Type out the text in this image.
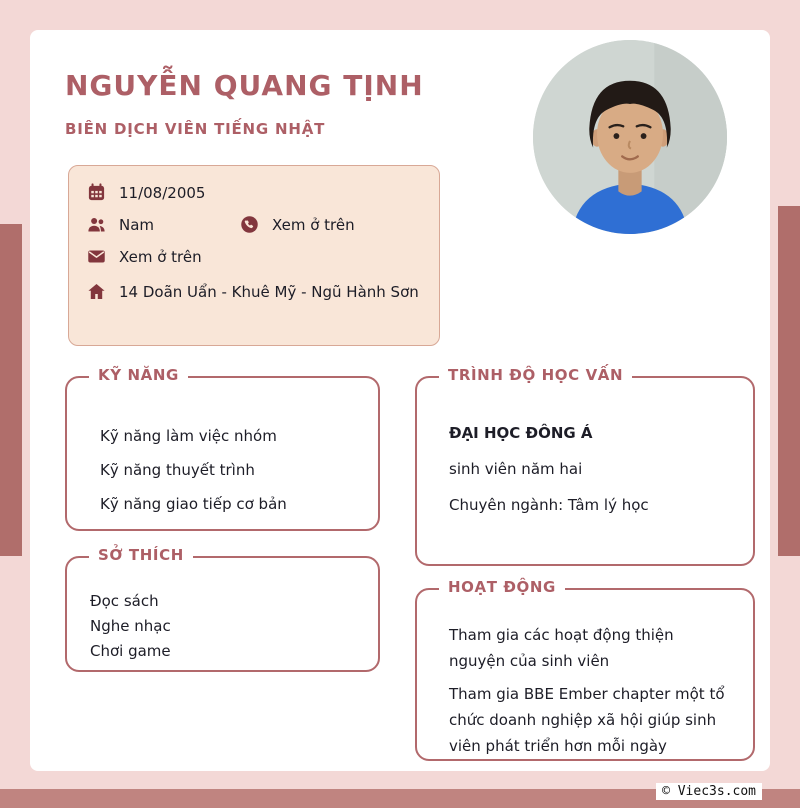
NGUYỄN QUANG TỊNH
BIÊN DỊCH VIÊN TIẾNG NHẬT
11/08/2005
Nam	Xem ở trên
Xem ở trên
14 Doãn Uẩn - Khuê Mỹ - Ngũ Hành Sơn
KỸ NĂNG
Kỹ năng làm việc nhóm
Kỹ năng thuyết trình
Kỹ năng giao tiếp cơ bản
SỞ THÍCH
Đọc sách
Nghe nhạc
Chơi game
TRÌNH ĐỘ HỌC VẤN

ĐẠI HỌC ĐÔNG Á

sinh viên năm hai

Chuyên ngành: Tâm lý học

HOẠT ĐỘNG

Tham gia các hoạt động thiện nguyện của sinh viên

Tham gia BBE Ember chapter một tổ chức doanh nghiệp xã hội giúp sinh viên phát triển hơn mỗi ngày

© Viec3s.com
